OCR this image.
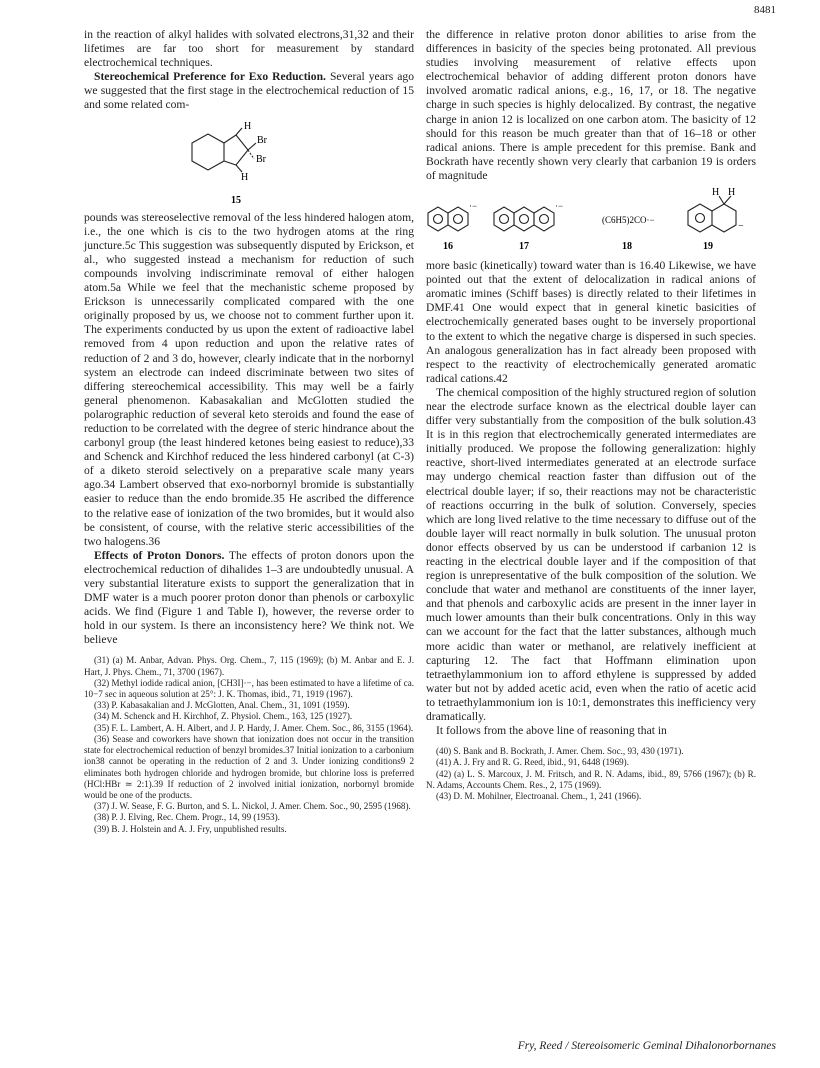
8481

in the reaction of alkyl halides with solvated electrons,31,32 and their lifetimes are far too short for measurement by standard electrochemical techniques.

Stereochemical Preference for Exo Reduction. Several years ago we suggested that the first stage in the electrochemical reduction of 15 and some related com-

H
Br
Br
H
15

pounds was stereoselective removal of the less hindered halogen atom, i.e., the one which is cis to the two hydrogen atoms at the ring juncture.5c This suggestion was subsequently disputed by Erickson, et al., who suggested instead a mechanism for reduction of such compounds involving indiscriminate removal of either halogen atom.5a While we feel that the mechanistic scheme proposed by Erickson is unnecessarily complicated compared with the one originally proposed by us, we choose not to comment further upon it. The experiments conducted by us upon the extent of radioactive label removed from 4 upon reduction and upon the relative rates of reduction of 2 and 3 do, however, clearly indicate that in the norbornyl system an electrode can indeed discriminate between two sites of differing stereochemical accessibility. This may well be a fairly general phenomenon. Kabasakalian and McGlotten studied the polarographic reduction of several keto steroids and found the ease of reduction to be correlated with the degree of steric hindrance about the carbonyl group (the least hindered ketones being easiest to reduce),33 and Schenck and Kirchhof reduced the less hindered carbonyl (at C-3) of a diketo steroid selectively on a preparative scale many years ago.34 Lambert observed that exo-norbornyl bromide is substantially easier to reduce than the endo bromide.35 He ascribed the difference to the relative ease of ionization of the two bromides, but it would also be consistent, of course, with the relative steric accessibilities of the two halogens.36

Effects of Proton Donors. The effects of proton donors upon the electrochemical reduction of dihalides 1–3 are undoubtedly unusual. A very substantial literature exists to support the generalization that in DMF water is a much poorer proton donor than phenols or carboxylic acids. We find (Figure 1 and Table I), however, the reverse order to hold in our system. Is there an inconsistency here? We think not. We believe

(31) (a) M. Anbar, Advan. Phys. Org. Chem., 7, 115 (1969); (b) M. Anbar and E. J. Hart, J. Phys. Chem., 71, 3700 (1967).

(32) Methyl iodide radical anion, [CH3I]·−, has been estimated to have a lifetime of ca. 10−7 sec in aqueous solution at 25°: J. K. Thomas, ibid., 71, 1919 (1967).

(33) P. Kabasakalian and J. McGlotten, Anal. Chem., 31, 1091 (1959).

(34) M. Schenck and H. Kirchhof, Z. Physiol. Chem., 163, 125 (1927).

(35) F. L. Lambert, A. H. Albert, and J. P. Hardy, J. Amer. Chem. Soc., 86, 3155 (1964).

(36) Sease and coworkers have shown that ionization does not occur in the transition state for electrochemical reduction of benzyl bromides.37 Initial ionization to a carbonium ion38 cannot be operating in the reduction of 2 and 3. Under ionizing conditions9 2 eliminates both hydrogen chloride and hydrogen bromide, but chlorine loss is preferred (HCl:HBr ≃ 2:1).39 If reduction of 2 involved initial ionization, norbornyl bromide would be one of the products.

(37) J. W. Sease, F. G. Burton, and S. L. Nickol, J. Amer. Chem. Soc., 90, 2595 (1968).

(38) P. J. Elving, Rec. Chem. Progr., 14, 99 (1953).

(39) B. J. Holstein and A. J. Fry, unpublished results.

the difference in relative proton donor abilities to arise from the differences in basicity of the species being protonated. All previous studies involving measurement of relative effects upon electrochemical behavior of adding different proton donors have involved aromatic radical anions, e.g., 16, 17, or 18. The negative charge in such species is highly delocalized. By contrast, the negative charge in anion 12 is localized on one carbon atom. The basicity of 12 should for this reason be much greater than that of 16–18 or other radical anions. There is ample precedent for this premise. Bank and Bockrath have recently shown very clearly that carbanion 19 is orders of magnitude

·−	·−
−
(C6H5)2CO·−
H H
16	17	18	19

more basic (kinetically) toward water than is 16.40 Likewise, we have pointed out that the extent of delocalization in radical anions of aromatic imines (Schiff bases) is directly related to their lifetimes in DMF.41 One would expect that in general kinetic basicities of electrochemically generated bases ought to be inversely proportional to the extent to which the negative charge is dispersed in such species. An analogous generalization has in fact already been proposed with respect to the reactivity of electrochemically generated aromatic radical cations.42

The chemical composition of the highly structured region of solution near the electrode surface known as the electrical double layer can differ very substantially from the composition of the bulk solution.43 It is in this region that electrochemically generated intermediates are initially produced. We propose the following generalization: highly reactive, short-lived intermediates generated at an electrode surface may undergo chemical reaction faster than diffusion out of the electrical double layer; if so, their reactions may not be characteristic of reactions occurring in the bulk of solution. Conversely, species which are long lived relative to the time necessary to diffuse out of the double layer will react normally in bulk solution. The unusual proton donor effects observed by us can be understood if carbanion 12 is reacting in the electrical double layer and if the composition of that region is unrepresentative of the bulk composition of the solution. We conclude that water and methanol are constituents of the inner layer, and that phenols and carboxylic acids are present in the inner layer in much lower amounts than their bulk concentrations. Only in this way can we account for the fact that the latter substances, although much more acidic than water or methanol, are relatively inefficient at capturing 12. The fact that Hoffmann elimination upon tetraethylammonium ion to afford ethylene is suppressed by added water but not by added acetic acid, even when the ratio of acetic acid to tetraethylammonium ion is 10:1, demonstrates this inefficiency very dramatically.

It follows from the above line of reasoning that in

(40) S. Bank and B. Bockrath, J. Amer. Chem. Soc., 93, 430 (1971).

(41) A. J. Fry and R. G. Reed, ibid., 91, 6448 (1969).

(42) (a) L. S. Marcoux, J. M. Fritsch, and R. N. Adams, ibid., 89, 5766 (1967); (b) R. N. Adams, Accounts Chem. Res., 2, 175 (1969).

(43) D. M. Mohilner, Electroanal. Chem., 1, 241 (1966).

Fry, Reed / Stereoisomeric Geminal Dihalonorbornanes
